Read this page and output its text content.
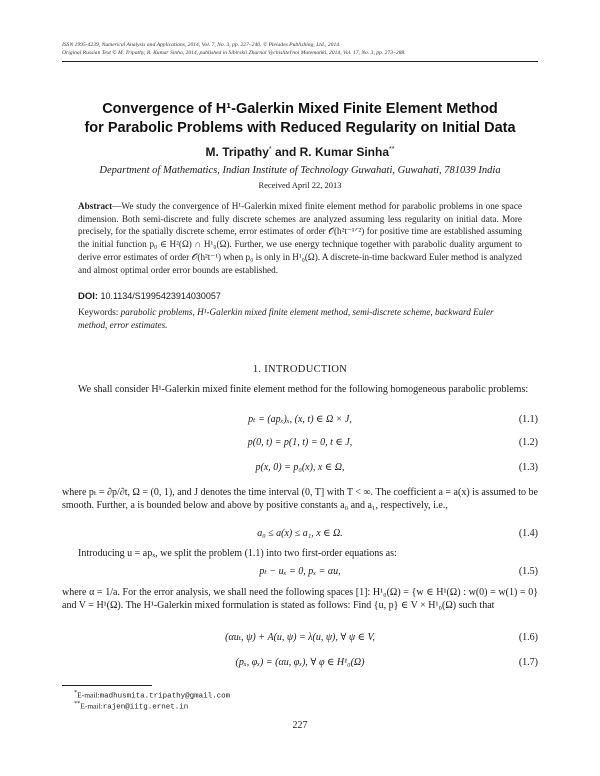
ISSN 1995-4239, Numerical Analysis and Applications, 2014, Vol. 7, No. 3, pp. 227–240. © Pleiades Publishing, Ltd., 2014.
Original Russian Text © M. Tripathy, R. Kumar Sinha, 2014, published in Sibirskii Zhurnal Vychislitel'noi Matematiki, 2014, Vol. 17, No. 3, pp. 273–288.
Convergence of H¹-Galerkin Mixed Finite Element Method
for Parabolic Problems with Reduced Regularity on Initial Data
M. Tripathy* and R. Kumar Sinha**
Department of Mathematics, Indian Institute of Technology Guwahati, Guwahati, 781039 India
Received April 22, 2013
Abstract—We study the convergence of H¹-Galerkin mixed finite element method for parabolic problems in one space dimension. Both semi-discrete and fully discrete schemes are analyzed assuming less regularity on initial data. More precisely, for the spatially discrete scheme, error estimates of order 𝒪(h²t⁻¹ᐟ²) for positive time are established assuming the initial function p₀ ∈ H²(Ω) ∩ H¹₀(Ω). Further, we use energy technique together with parabolic duality argument to derive error estimates of order 𝒪(h²t⁻¹) when p₀ is only in H¹₀(Ω). A discrete-in-time backward Euler method is analyzed and almost optimal order error bounds are established.
DOI: 10.1134/S1995423914030057
Keywords: parabolic problems, H¹-Galerkin mixed finite element method, semi-discrete scheme, backward Euler method, error estimates.
1. INTRODUCTION
We shall consider H¹-Galerkin mixed finite element method for the following homogeneous parabolic problems:
pₜ = (apₓ)ₓ, (x, t) ∈ Ω × J,	(1.1)
p(0, t) = p(1, t) = 0, t ∈ J,	(1.2)
p(x, 0) = p₀(x), x ∈ Ω,	(1.3)
where pₜ = ∂p/∂t, Ω = (0, 1), and J denotes the time interval (0, T] with T < ∞. The coefficient a = a(x) is assumed to be smooth. Further, a is bounded below and above by positive constants a₀ and a₁, respectively, i.e.,
a₀ ≤ a(x) ≤ a₁, x ∈ Ω.	(1.4)
Introducing u = apₓ, we split the problem (1.1) into two first-order equations as:
pₜ − uₓ = 0, pₓ = αu,	(1.5)
where α = 1/a. For the error analysis, we shall need the following spaces [1]: H¹₀(Ω) = {w ∈ H¹(Ω) : w(0) = w(1) = 0} and V = H¹(Ω). The H¹-Galerkin mixed formulation is stated as follows: Find {u, p} ∈ V × H¹₀(Ω) such that
(αuₜ, ψ) + A(u, ψ) = λ(u, ψ), ∀ ψ ∈ V,	(1.6)
(pₓ, φₓ) = (αu, φₓ), ∀ φ ∈ H¹₀(Ω)	(1.7)
*E-mail:madhusmita.tripathy@gmail.com
**E-mail:rajen@iitg.ernet.in
227
